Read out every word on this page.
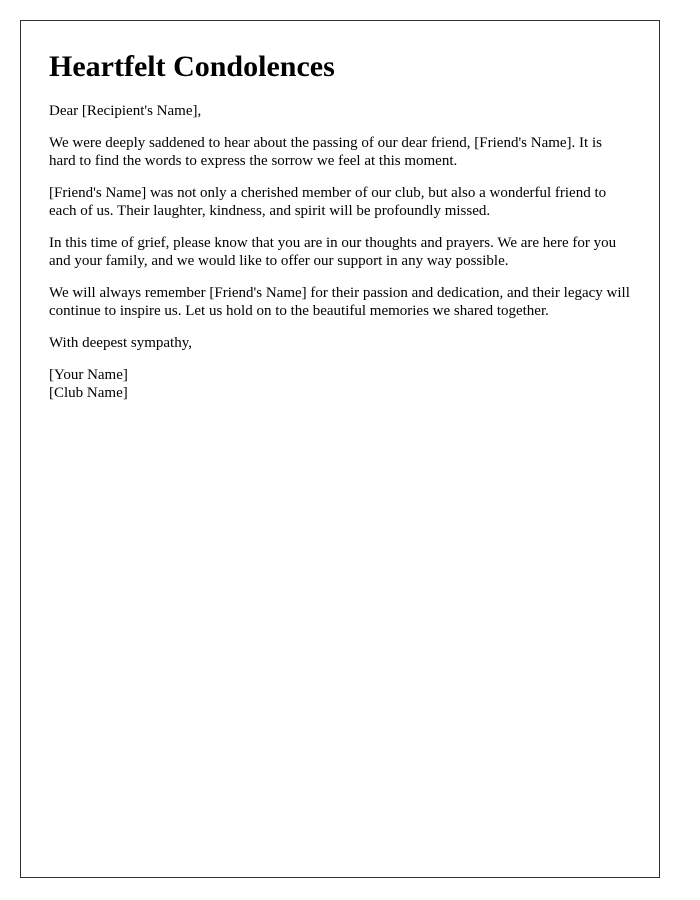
Heartfelt Condolences

Dear [Recipient's Name],

We were deeply saddened to hear about the passing of our dear friend, [Friend's Name]. It is hard to find the words to express the sorrow we feel at this moment.

[Friend's Name] was not only a cherished member of our club, but also a wonderful friend to each of us. Their laughter, kindness, and spirit will be profoundly missed.

In this time of grief, please know that you are in our thoughts and prayers. We are here for you and your family, and we would like to offer our support in any way possible.

We will always remember [Friend's Name] for their passion and dedication, and their legacy will continue to inspire us. Let us hold on to the beautiful memories we shared together.

With deepest sympathy,

[Your Name]
[Club Name]
